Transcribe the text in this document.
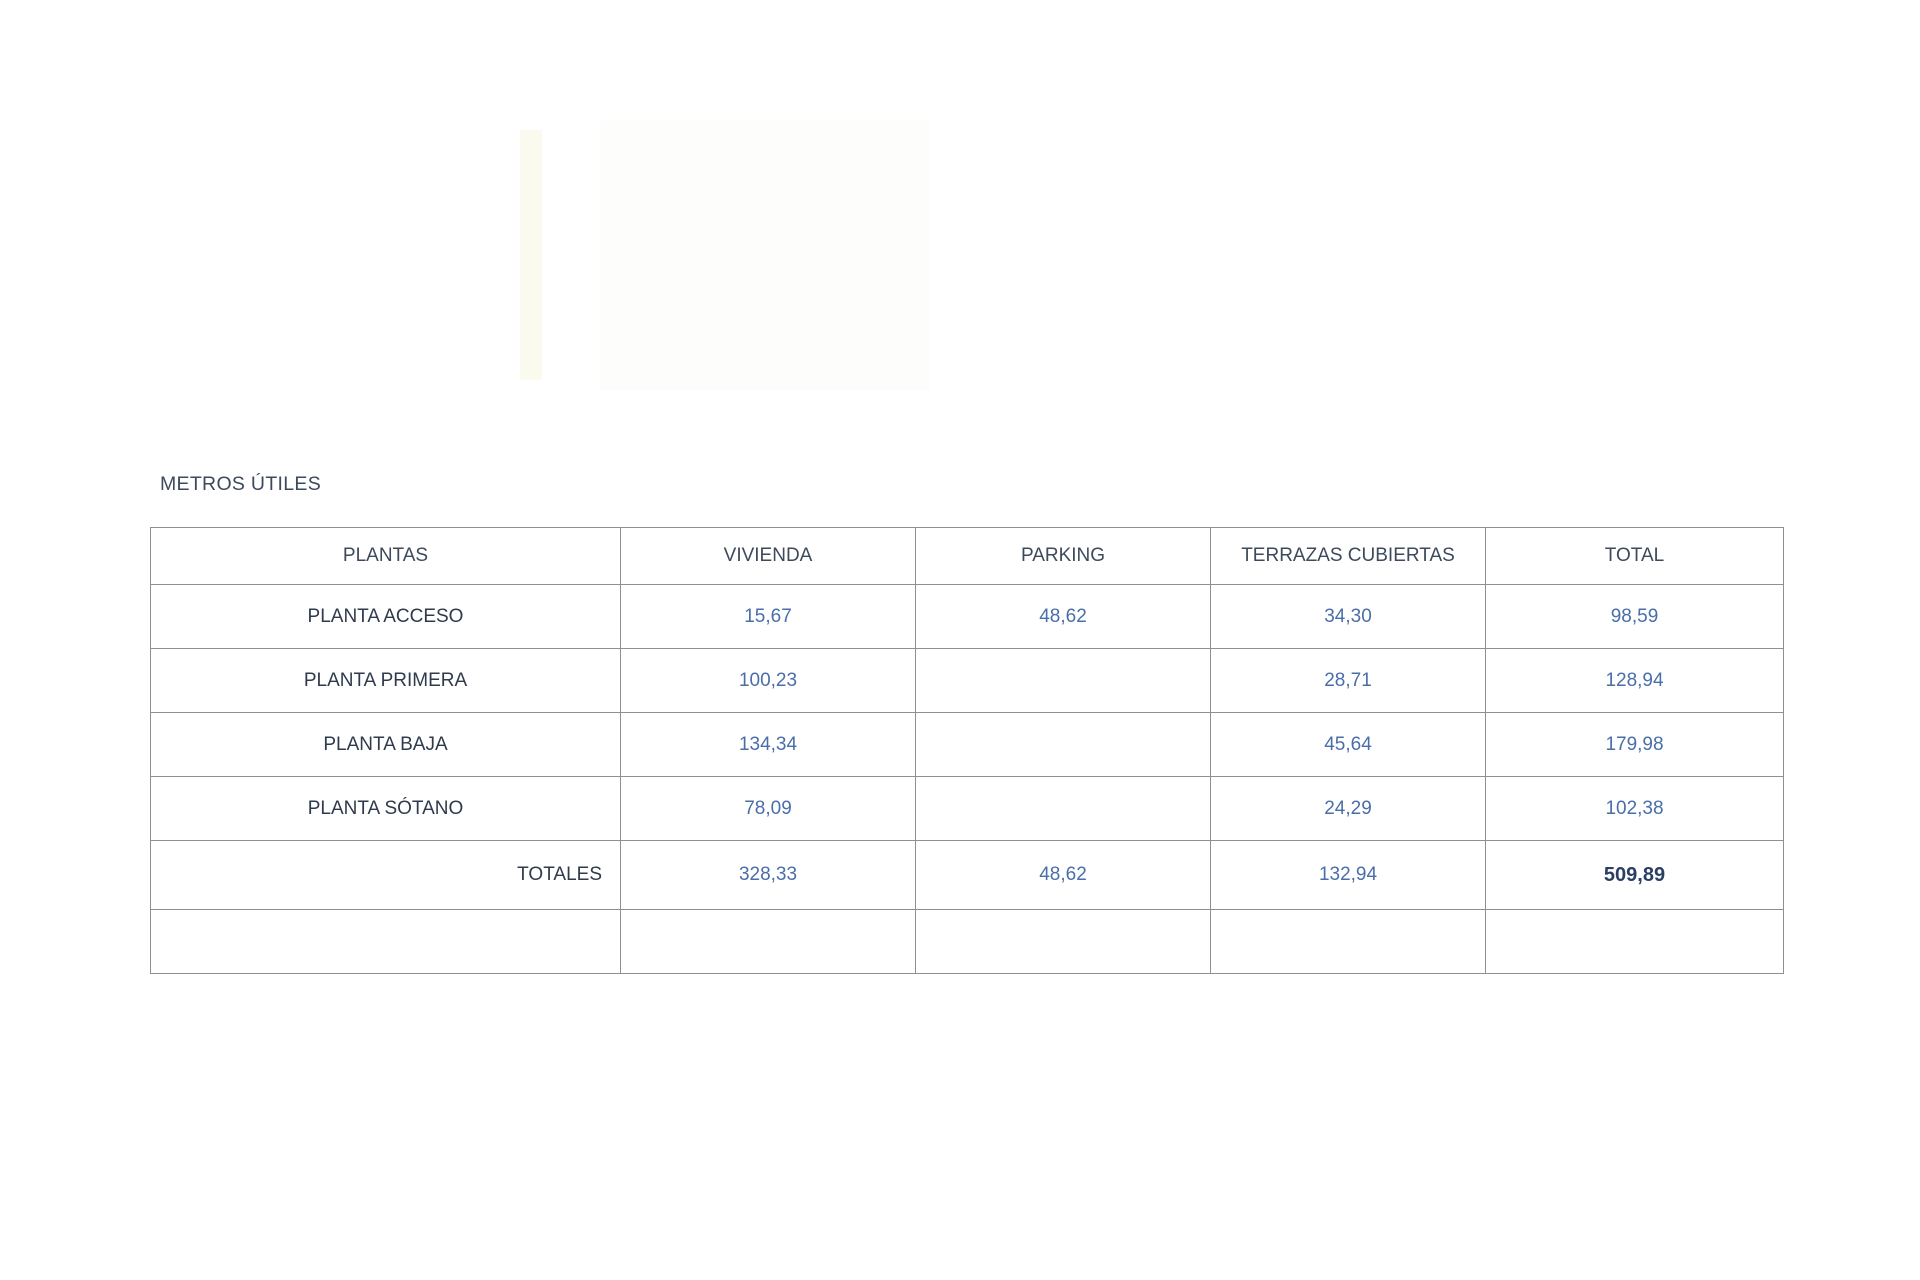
METROS ÚTILES
PLANTAS	VIVIENDA	PARKING	TERRAZAS CUBIERTAS	TOTAL
PLANTA ACCESO	15,67	48,62	34,30	98,59
PLANTA PRIMERA	100,23		28,71	128,94
PLANTA BAJA	134,34		45,64	179,98
PLANTA SÓTANO	78,09		24,29	102,38
TOTALES	328,33	48,62	132,94	509,89
